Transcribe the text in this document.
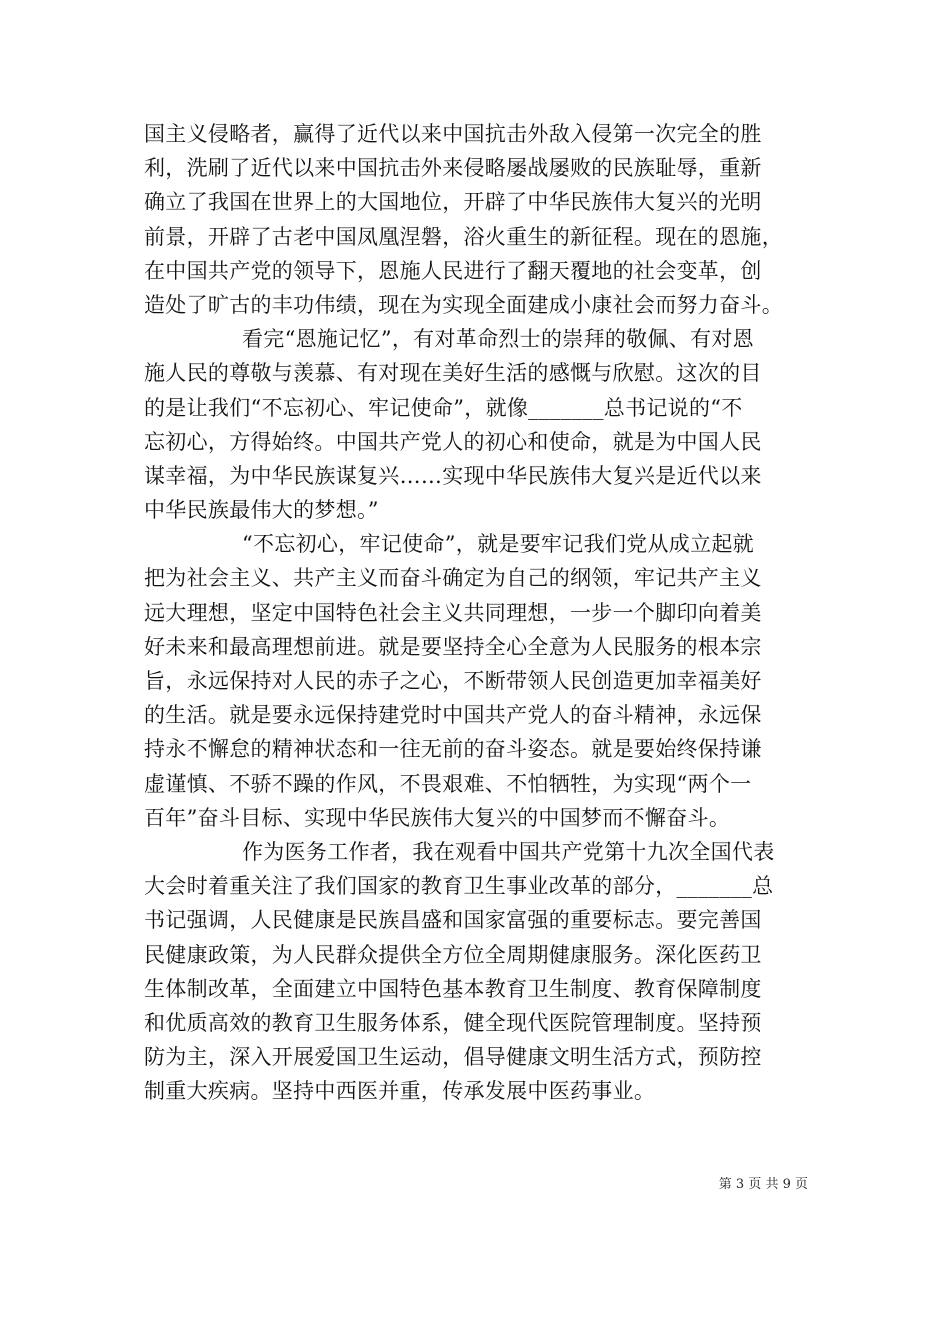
国主义侵略者，赢得了近代以来中国抗击外敌入侵第一次完全的胜
利，洗刷了近代以来中国抗击外来侵略屡战屡败的民族耻辱，重新
确立了我国在世界上的大国地位，开辟了中华民族伟大复兴的光明
前景，开辟了古老中国凤凰涅磐，浴火重生的新征程。现在的恩施，
在中国共产党的领导下，恩施人民进行了翻天覆地的社会变革，创
造处了旷古的丰功伟绩，现在为实现全面建成小康社会而努力奋斗。
看完“恩施记忆”，有对革命烈士的崇拜的敬佩、有对恩
施人民的尊敬与羡慕、有对现在美好生活的感慨与欣慰。这次的目
的是让我们“不忘初心、牢记使命”，就像_______总书记说的“不
忘初心，方得始终。中国共产党人的初心和使命，就是为中国人民
谋幸福，为中华民族谋复兴……实现中华民族伟大复兴是近代以来
中华民族最伟大的梦想。”
“不忘初心，牢记使命”，就是要牢记我们党从成立起就
把为社会主义、共产主义而奋斗确定为自己的纲领，牢记共产主义
远大理想，坚定中国特色社会主义共同理想，一步一个脚印向着美
好未来和最高理想前进。就是要坚持全心全意为人民服务的根本宗
旨，永远保持对人民的赤子之心，不断带领人民创造更加幸福美好
的生活。就是要永远保持建党时中国共产党人的奋斗精神，永远保
持永不懈怠的精神状态和一往无前的奋斗姿态。就是要始终保持谦
虚谨慎、不骄不躁的作风，不畏艰难、不怕牺牲，为实现“两个一
百年”奋斗目标、实现中华民族伟大复兴的中国梦而不懈奋斗。
作为医务工作者，我在观看中国共产党第十九次全国代表
大会时着重关注了我们国家的教育卫生事业改革的部分，_______总
书记强调，人民健康是民族昌盛和国家富强的重要标志。要完善国
民健康政策，为人民群众提供全方位全周期健康服务。深化医药卫
生体制改革，全面建立中国特色基本教育卫生制度、教育保障制度
和优质高效的教育卫生服务体系，健全现代医院管理制度。坚持预
防为主，深入开展爱国卫生运动，倡导健康文明生活方式，预防控
制重大疾病。坚持中西医并重，传承发展中医药事业。
第 3 页 共 9 页
